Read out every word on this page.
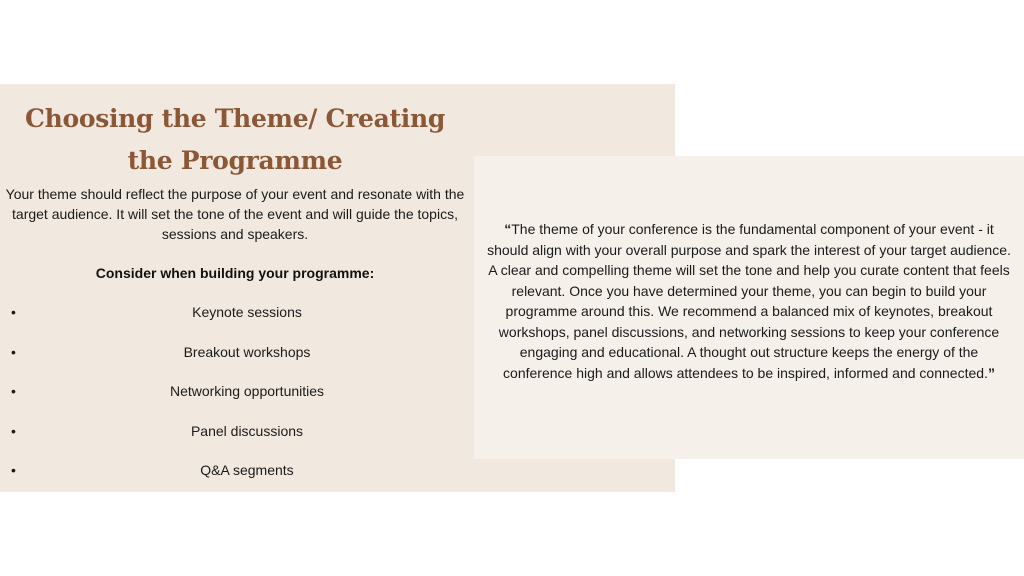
Choosing the Theme/ Creating the Programme

Your theme should reflect the purpose of your event and resonate with the target audience. It will set the tone of the event and will guide the topics, sessions and speakers.

Consider when building your programme:

•	Keynote sessions
•	Breakout workshops
•	Networking opportunities
•	Panel discussions
•	Q&A segments

“The theme of your conference is the fundamental component of your event - it should align with your overall purpose and spark the interest of your target audience. A clear and compelling theme will set the tone and help you curate content that feels relevant. Once you have determined your theme, you can begin to build your programme around this. We recommend a balanced mix of keynotes, breakout workshops, panel discussions, and networking sessions to keep your conference engaging and educational. A thought out structure keeps the energy of the conference high and allows attendees to be inspired, informed and connected.”
